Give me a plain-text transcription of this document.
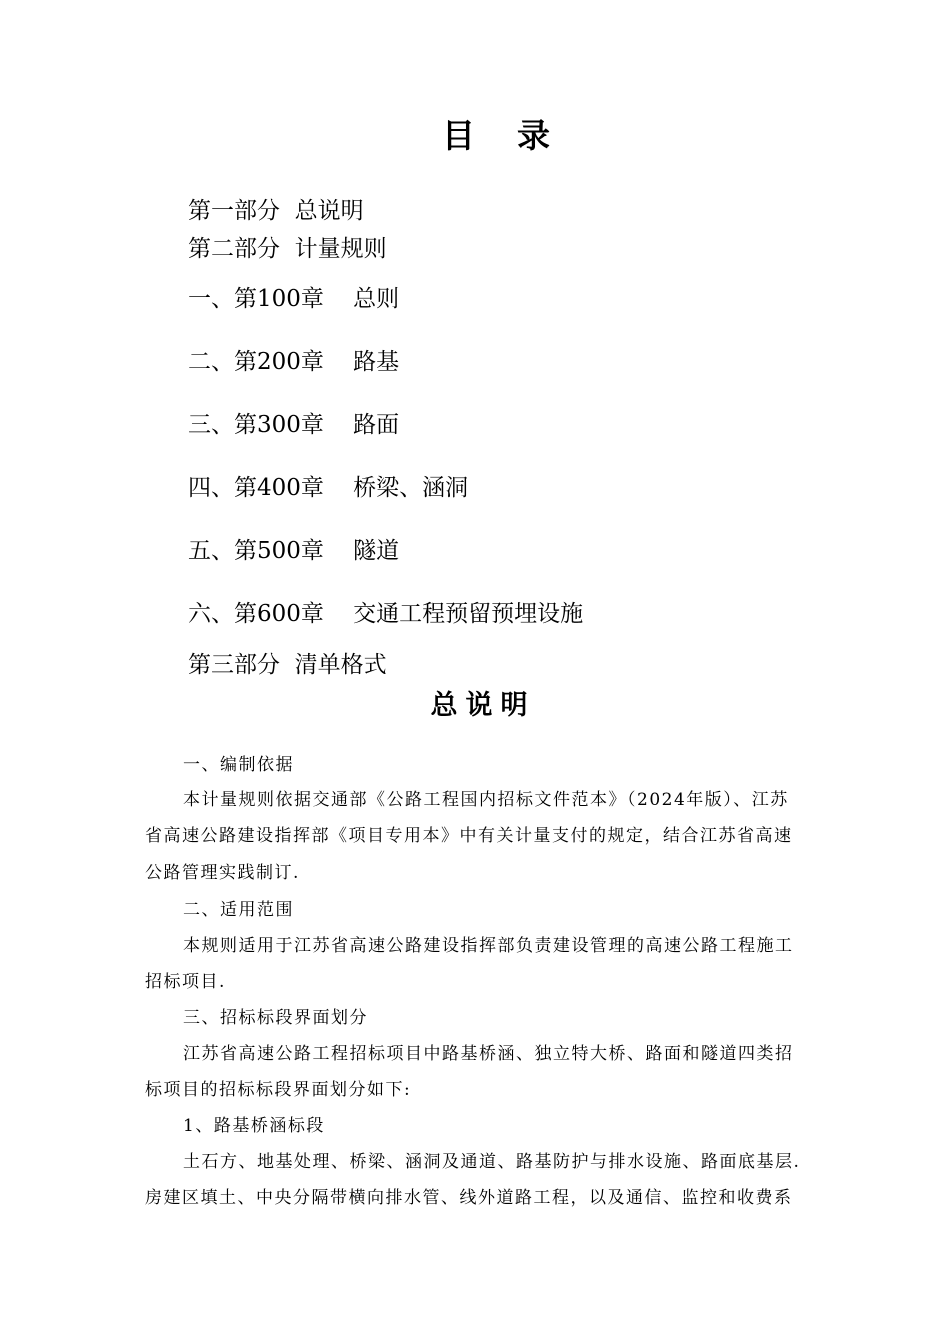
目录
第一部分  总说明
第二部分  计量规则
一、第100章    总则
二、第200章    路基
三、第300章    路面
四、第400章    桥梁、涵洞
五、第500章    隧道
六、第600章    交通工程预留预埋设施
第三部分  清单格式
总说明
一、编制依据
本计量规则依据交通部《公路工程国内招标文件范本》（2024年版）、江苏
省高速公路建设指挥部《项目专用本》中有关计量支付的规定，结合江苏省高速
公路管理实践制订.
二、适用范围
本规则适用于江苏省高速公路建设指挥部负责建设管理的高速公路工程施工
招标项目.
三、招标标段界面划分
江苏省高速公路工程招标项目中路基桥涵、独立特大桥、路面和隧道四类招
标项目的招标标段界面划分如下:
1、路基桥涵标段
土石方、地基处理、桥梁、涵洞及通道、路基防护与排水设施、路面底基层.
房建区填土、中央分隔带横向排水管、线外道路工程，以及通信、监控和收费系
